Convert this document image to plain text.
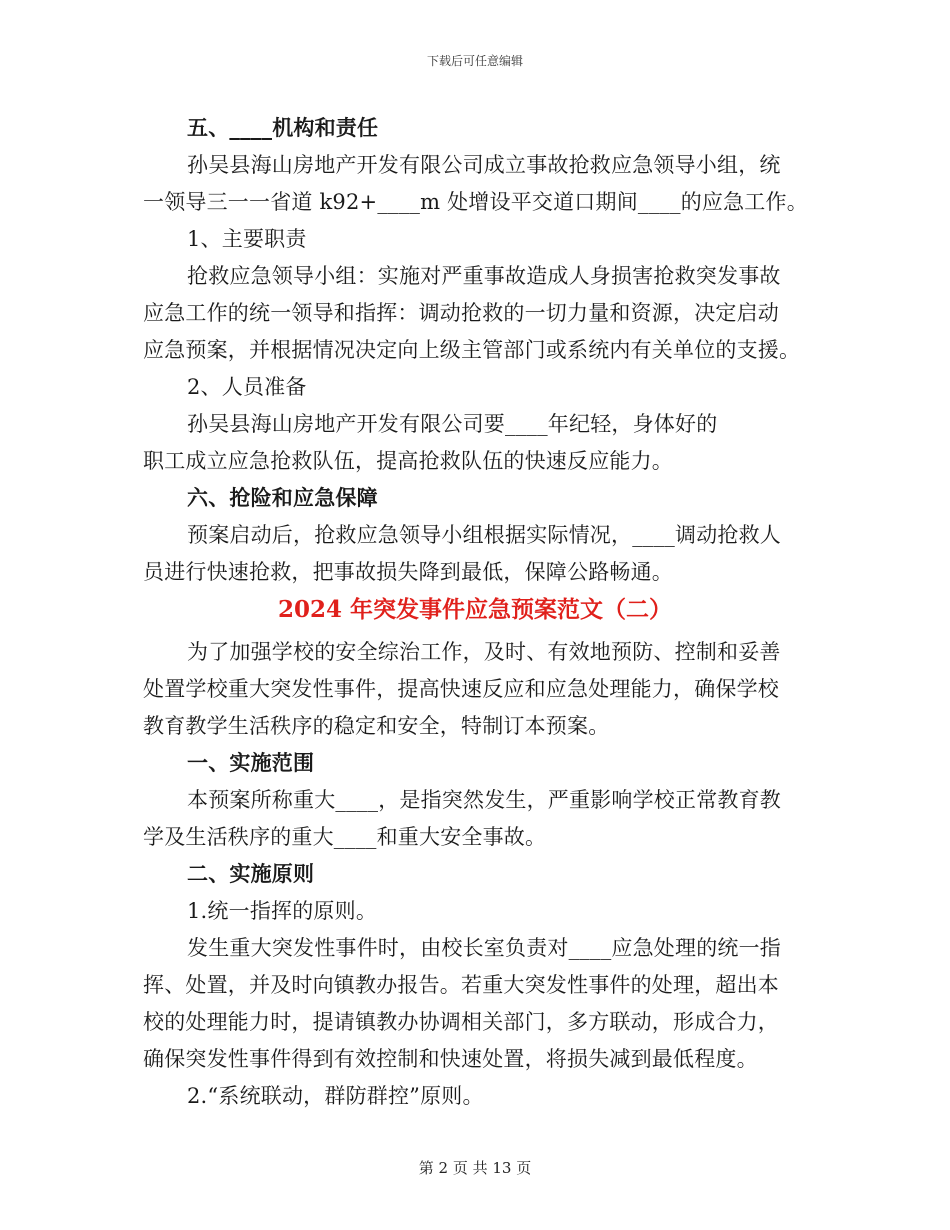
下载后可任意编辑
五、____机构和责任
孙吴县海山房地产开发有限公司成立事故抢救应急领导小组，统
一领导三一一省道 k92+____m 处增设平交道口期间____的应急工作。
1、主要职责
抢救应急领导小组：实施对严重事故造成人身损害抢救突发事故
应急工作的统一领导和指挥：调动抢救的一切力量和资源，决定启动
应急预案，并根据情况决定向上级主管部门或系统内有关单位的支援。
2、人员准备
孙吴县海山房地产开发有限公司要____年纪轻，身体好的
职工成立应急抢救队伍，提高抢救队伍的快速反应能力。
六、抢险和应急保障
预案启动后，抢救应急领导小组根据实际情况，____调动抢救人
员进行快速抢救，把事故损失降到最低，保障公路畅通。
2024 年突发事件应急预案范文（二）
为了加强学校的安全综治工作，及时、有效地预防、控制和妥善
处置学校重大突发性事件，提高快速反应和应急处理能力，确保学校
教育教学生活秩序的稳定和安全，特制订本预案。
一、实施范围
本预案所称重大____，是指突然发生，严重影响学校正常教育教
学及生活秩序的重大____和重大安全事故。
二、实施原则
1.统一指挥的原则。
发生重大突发性事件时，由校长室负责对____应急处理的统一指
挥、处置，并及时向镇教办报告。若重大突发性事件的处理，超出本
校的处理能力时，提请镇教办协调相关部门，多方联动，形成合力，
确保突发性事件得到有效控制和快速处置，将损失减到最低程度。
2.“系统联动，群防群控”原则。
第 2 页 共 13 页
